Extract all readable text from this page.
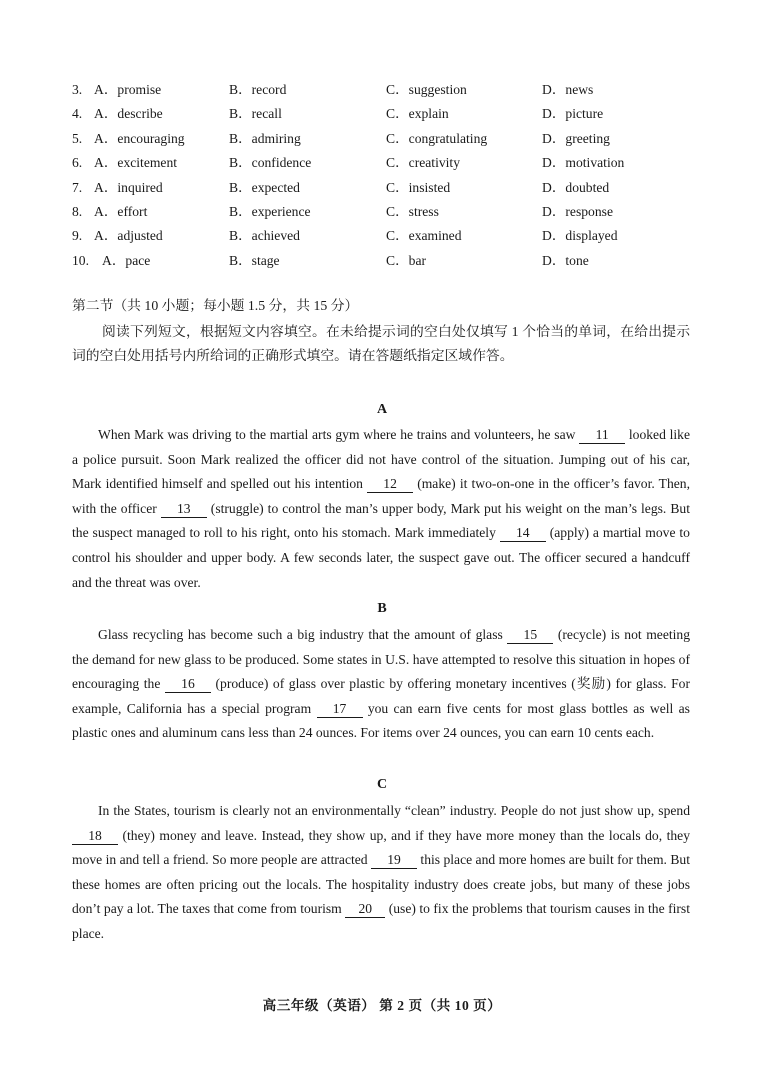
3. A．promise	B．record	C．suggestion	D．news
4. A．describe	B．recall	C．explain	D．picture
5. A．encouraging	B．admiring	C．congratulating	D．greeting
6. A．excitement	B．confidence	C．creativity	D．motivation
7. A．inquired	B．expected	C．insisted	D．doubted
8. A．effort	B．experience	C．stress	D．response
9. A．adjusted	B．achieved	C．examined	D．displayed
10. A．pace	B．stage	C．bar	D．tone
第二节（共 10 小题；每小题 1.5 分，共 15 分）
阅读下列短文，根据短文内容填空。在未给提示词的空白处仅填写 1 个恰当的单词，在给出提示词的空白处用括号内所给词的正确形式填空。请在答题纸指定区域作答。
A
When Mark was driving to the martial arts gym where he trains and volunteers, he saw 11 looked like a police pursuit. Soon Mark realized the officer did not have control of the situation. Jumping out of his car, Mark identified himself and spelled out his intention 12 (make) it two-on-one in the officer’s favor. Then, with the officer 13 (struggle) to control the man’s upper body, Mark put his weight on the man’s legs. But the suspect managed to roll to his right, onto his stomach. Mark immediately 14 (apply) a martial move to control his shoulder and upper body. A few seconds later, the suspect gave out. The officer secured a handcuff and the threat was over.
B
Glass recycling has become such a big industry that the amount of glass 15 (recycle) is not meeting the demand for new glass to be produced. Some states in U.S. have attempted to resolve this situation in hopes of encouraging the 16 (produce) of glass over plastic by offering monetary incentives (奖励) for glass. For example, California has a special program 17 you can earn five cents for most glass bottles as well as plastic ones and aluminum cans less than 24 ounces. For items over 24 ounces, you can earn 10 cents each.
C
In the States, tourism is clearly not an environmentally “clean” industry. People do not just show up, spend 18 (they) money and leave. Instead, they show up, and if they have more money than the locals do, they move in and tell a friend. So more people are attracted 19 this place and more homes are built for them. But these homes are often pricing out the locals. The hospitality industry does create jobs, but many of these jobs don’t pay a lot. The taxes that come from tourism 20 (use) to fix the problems that tourism causes in the first place.
高三年级（英语） 第 2 页（共 10 页）
